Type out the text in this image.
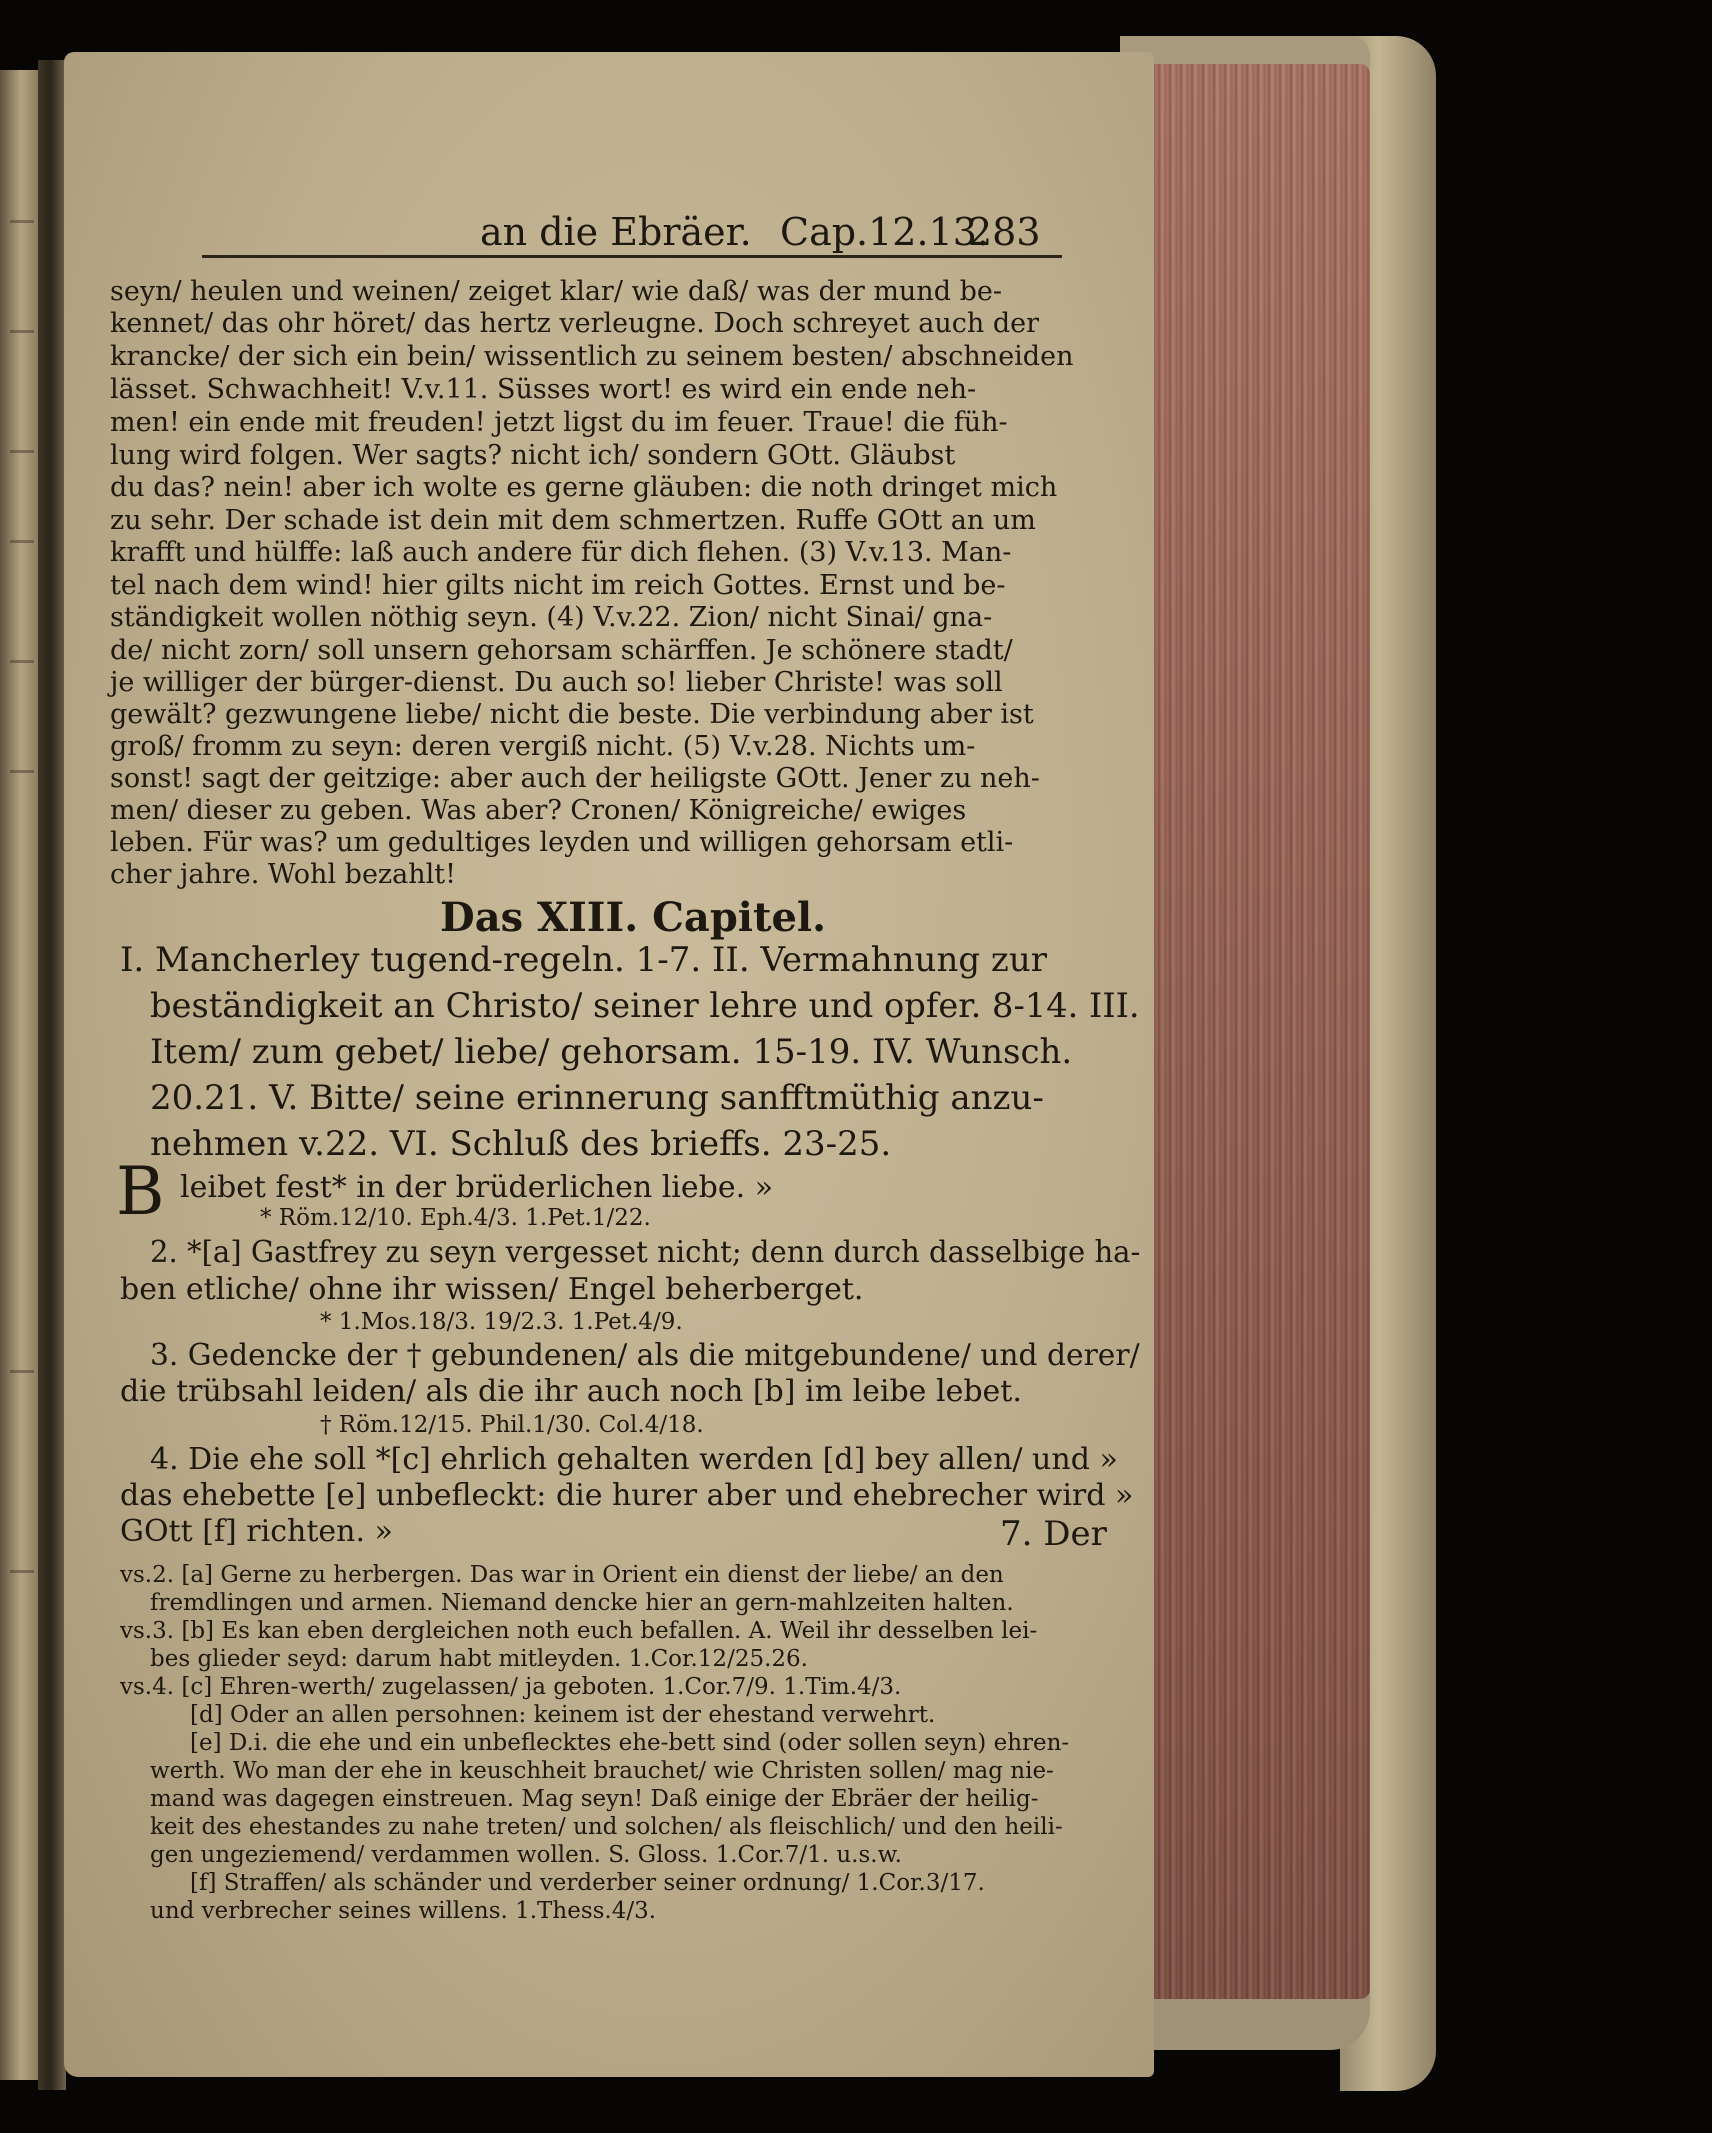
an die Ebräer. Cap.12.13.
283
seyn/ heulen und weinen/ zeiget klar/ wie daß/ was der mund be-
kennet/ das ohr höret/ das hertz verleugne. Doch schreyet auch der
krancke/ der sich ein bein/ wissentlich zu seinem besten/ abschneiden
lässet. Schwachheit! V.v.11. Süsses wort! es wird ein ende neh-
men! ein ende mit freuden! jetzt ligst du im feuer. Traue! die füh-
lung wird folgen. Wer sagts? nicht ich/ sondern GOtt. Gläubst
du das? nein! aber ich wolte es gerne gläuben: die noth dringet mich
zu sehr. Der schade ist dein mit dem schmertzen. Ruffe GOtt an um
krafft und hülffe: laß auch andere für dich flehen. (3) V.v.13. Man-
tel nach dem wind! hier gilts nicht im reich Gottes. Ernst und be-
ständigkeit wollen nöthig seyn. (4) V.v.22. Zion/ nicht Sinai/ gna-
de/ nicht zorn/ soll unsern gehorsam schärffen. Je schönere stadt/
je williger der bürger-dienst. Du auch so! lieber Christe! was soll
gewält? gezwungene liebe/ nicht die beste. Die verbindung aber ist
groß/ fromm zu seyn: deren vergiß nicht. (5) V.v.28. Nichts um-
sonst! sagt der geitzige: aber auch der heiligste GOtt. Jener zu neh-
men/ dieser zu geben. Was aber? Cronen/ Königreiche/ ewiges
leben. Für was? um gedultiges leyden und willigen gehorsam etli-
cher jahre. Wohl bezahlt!
Das XIII. Capitel.
I. Mancherley tugend-regeln. 1-7. II. Vermahnung zur
beständigkeit an Christo/ seiner lehre und opfer. 8-14. III.
Item/ zum gebet/ liebe/ gehorsam. 15-19. IV. Wunsch.
20.21. V. Bitte/ seine erinnerung sanfftmüthig anzu-
nehmen v.22. VI. Schluß des brieffs. 23-25.
B leibet fest* in der brüderlichen liebe. »
* Röm.12/10. Eph.4/3. 1.Pet.1/22.
2. *[a] Gastfrey zu seyn vergesset nicht; denn durch dasselbige ha-
ben etliche/ ohne ihr wissen/ Engel beherberget.
* 1.Mos.18/3. 19/2.3. 1.Pet.4/9.
3. Gedencke der † gebundenen/ als die mitgebundene/ und derer/
die trübsahl leiden/ als die ihr auch noch [b] im leibe lebet.
† Röm.12/15. Phil.1/30. Col.4/18.
4. Die ehe soll *[c] ehrlich gehalten werden [d] bey allen/ und »
das ehebette [e] unbefleckt: die hurer aber und ehebrecher wird »
GOtt [f] richten. »	7. Der
vs.2. [a] Gerne zu herbergen. Das war in Orient ein dienst der liebe/ an den
fremdlingen und armen. Niemand dencke hier an gern-mahlzeiten halten.
vs.3. [b] Es kan eben dergleichen noth euch befallen. A. Weil ihr desselben lei-
bes glieder seyd: darum habt mitleyden. 1.Cor.12/25.26.
vs.4. [c] Ehren-werth/ zugelassen/ ja geboten. 1.Cor.7/9. 1.Tim.4/3.
[d] Oder an allen persohnen: keinem ist der ehestand verwehrt.
[e] D.i. die ehe und ein unbeflecktes ehe-bett sind (oder sollen seyn) ehren-
werth. Wo man der ehe in keuschheit brauchet/ wie Christen sollen/ mag nie-
mand was dagegen einstreuen. Mag seyn! Daß einige der Ebräer der heilig-
keit des ehestandes zu nahe treten/ und solchen/ als fleischlich/ und den heili-
gen ungeziemend/ verdammen wollen. S. Gloss. 1.Cor.7/1. u.s.w.
[f] Straffen/ als schänder und verderber seiner ordnung/ 1.Cor.3/17.
und verbrecher seines willens. 1.Thess.4/3.
